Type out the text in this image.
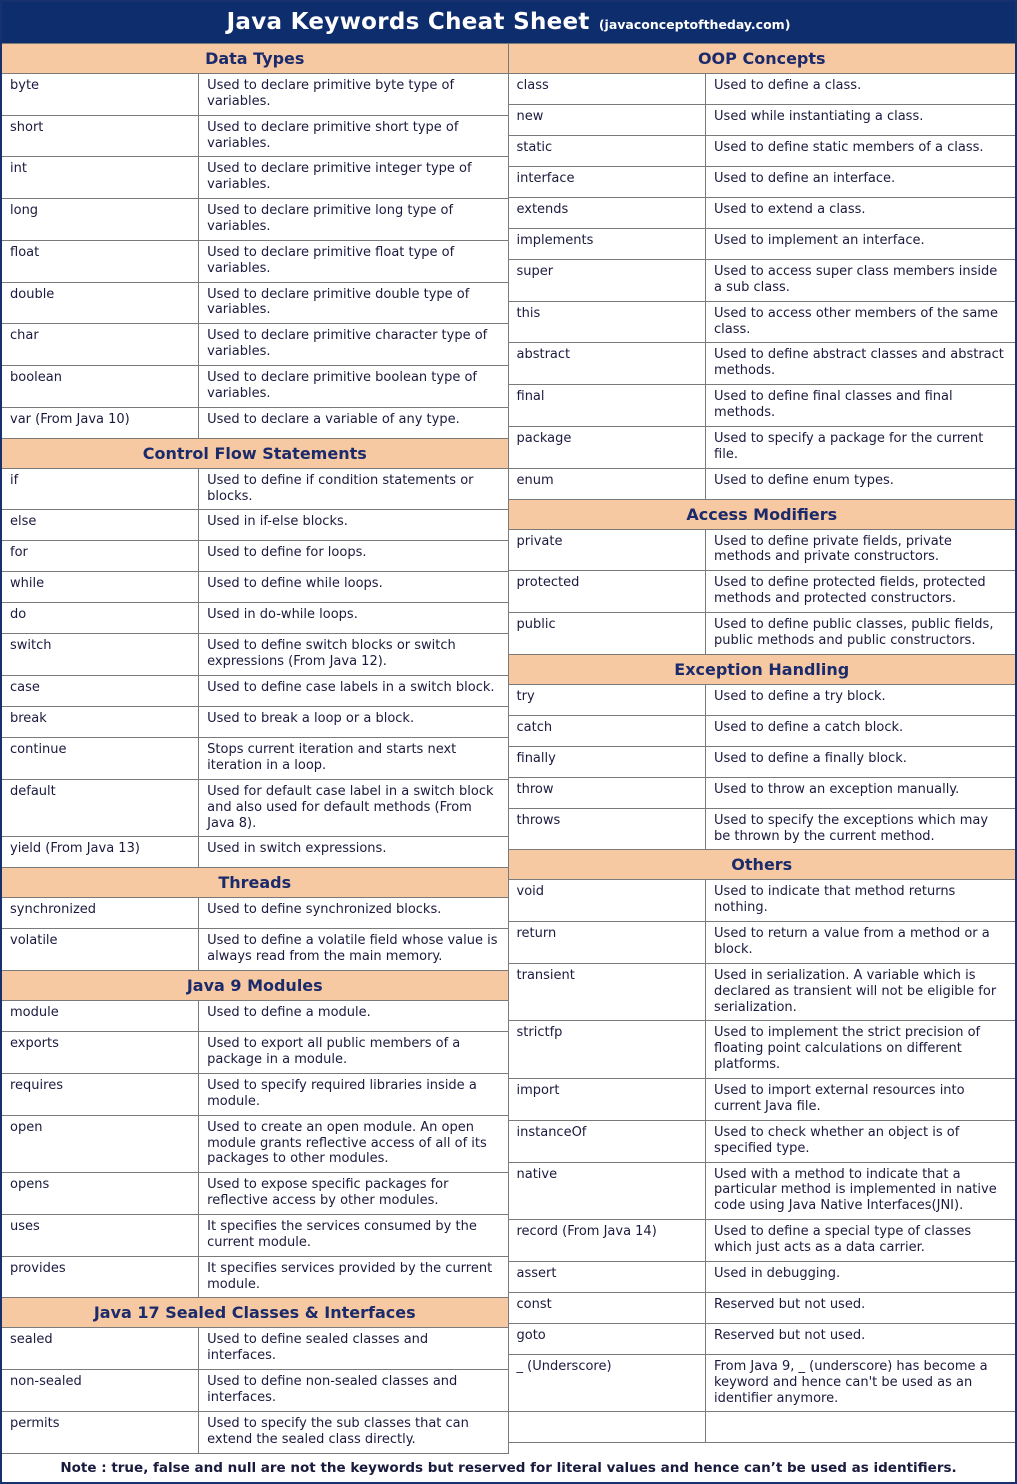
Java Keywords Cheat Sheet (javaconceptoftheday.com)
Data Types
byte	Used to declare primitive byte type of variables.
short	Used to declare primitive short type of variables.
int	Used to declare primitive integer type of variables.
long	Used to declare primitive long type of variables.
float	Used to declare primitive float type of variables.
double	Used to declare primitive double type of variables.
char	Used to declare primitive character type of variables.
boolean	Used to declare primitive boolean type of variables.
var (From Java 10)	Used to declare a variable of any type.
Control Flow Statements
if	Used to define if condition statements or blocks.
else	Used in if-else blocks.
for	Used to define for loops.
while	Used to define while loops.
do	Used in do-while loops.
switch	Used to define switch blocks or switch expressions (From Java 12).
case	Used to define case labels in a switch block.
break	Used to break a loop or a block.
continue	Stops current iteration and starts next iteration in a loop.
default	Used for default case label in a switch block and also used for default methods (From Java 8).
yield (From Java 13)	Used in switch expressions.
Threads
synchronized	Used to define synchronized blocks.
volatile	Used to define a volatile field whose value is always read from the main memory.
Java 9 Modules
module	Used to define a module.
exports	Used to export all public members of a package in a module.
requires	Used to specify required libraries inside a module.
open	Used to create an open module. An open module grants reflective access of all of its packages to other modules.
opens	Used to expose specific packages for reflective access by other modules.
uses	It specifies the services consumed by the current module.
provides	It specifies services provided by the current module.
Java 17 Sealed Classes & Interfaces
sealed	Used to define sealed classes and interfaces.
non-sealed	Used to define non-sealed classes and interfaces.
permits	Used to specify the sub classes that can extend the sealed class directly.
OOP Concepts
class	Used to define a class.
new	Used while instantiating a class.
static	Used to define static members of a class.
interface	Used to define an interface.
extends	Used to extend a class.
implements	Used to implement an interface.
super	Used to access super class members inside a sub class.
this	Used to access other members of the same class.
abstract	Used to define abstract classes and abstract methods.
final	Used to define final classes and final methods.
package	Used to specify a package for the current file.
enum	Used to define enum types.
Access Modifiers
private	Used to define private fields, private methods and private constructors.
protected	Used to define protected fields, protected methods and protected constructors.
public	Used to define public classes, public fields, public methods and public constructors.
Exception Handling
try	Used to define a try block.
catch	Used to define a catch block.
finally	Used to define a finally block.
throw	Used to throw an exception manually.
throws	Used to specify the exceptions which may be thrown by the current method.
Others
void	Used to indicate that method returns nothing.
return	Used to return a value from a method or a block.
transient	Used in serialization. A variable which is declared as transient will not be eligible for serialization.
strictfp	Used to implement the strict precision of floating point calculations on different platforms.
import	Used to import external resources into current Java file.
instanceOf	Used to check whether an object is of specified type.
native	Used with a method to indicate that a particular method is implemented in native code using Java Native Interfaces(JNI).
record (From Java 14)	Used to define a special type of classes which just acts as a data carrier.
assert	Used in debugging.
const	Reserved but not used.
goto	Reserved but not used.
_ (Underscore)	From Java 9, _ (underscore) has become a keyword and hence can't be used as an identifier anymore.
Note : true, false and null are not the keywords but reserved for literal values and hence can’t be used as identifiers.
